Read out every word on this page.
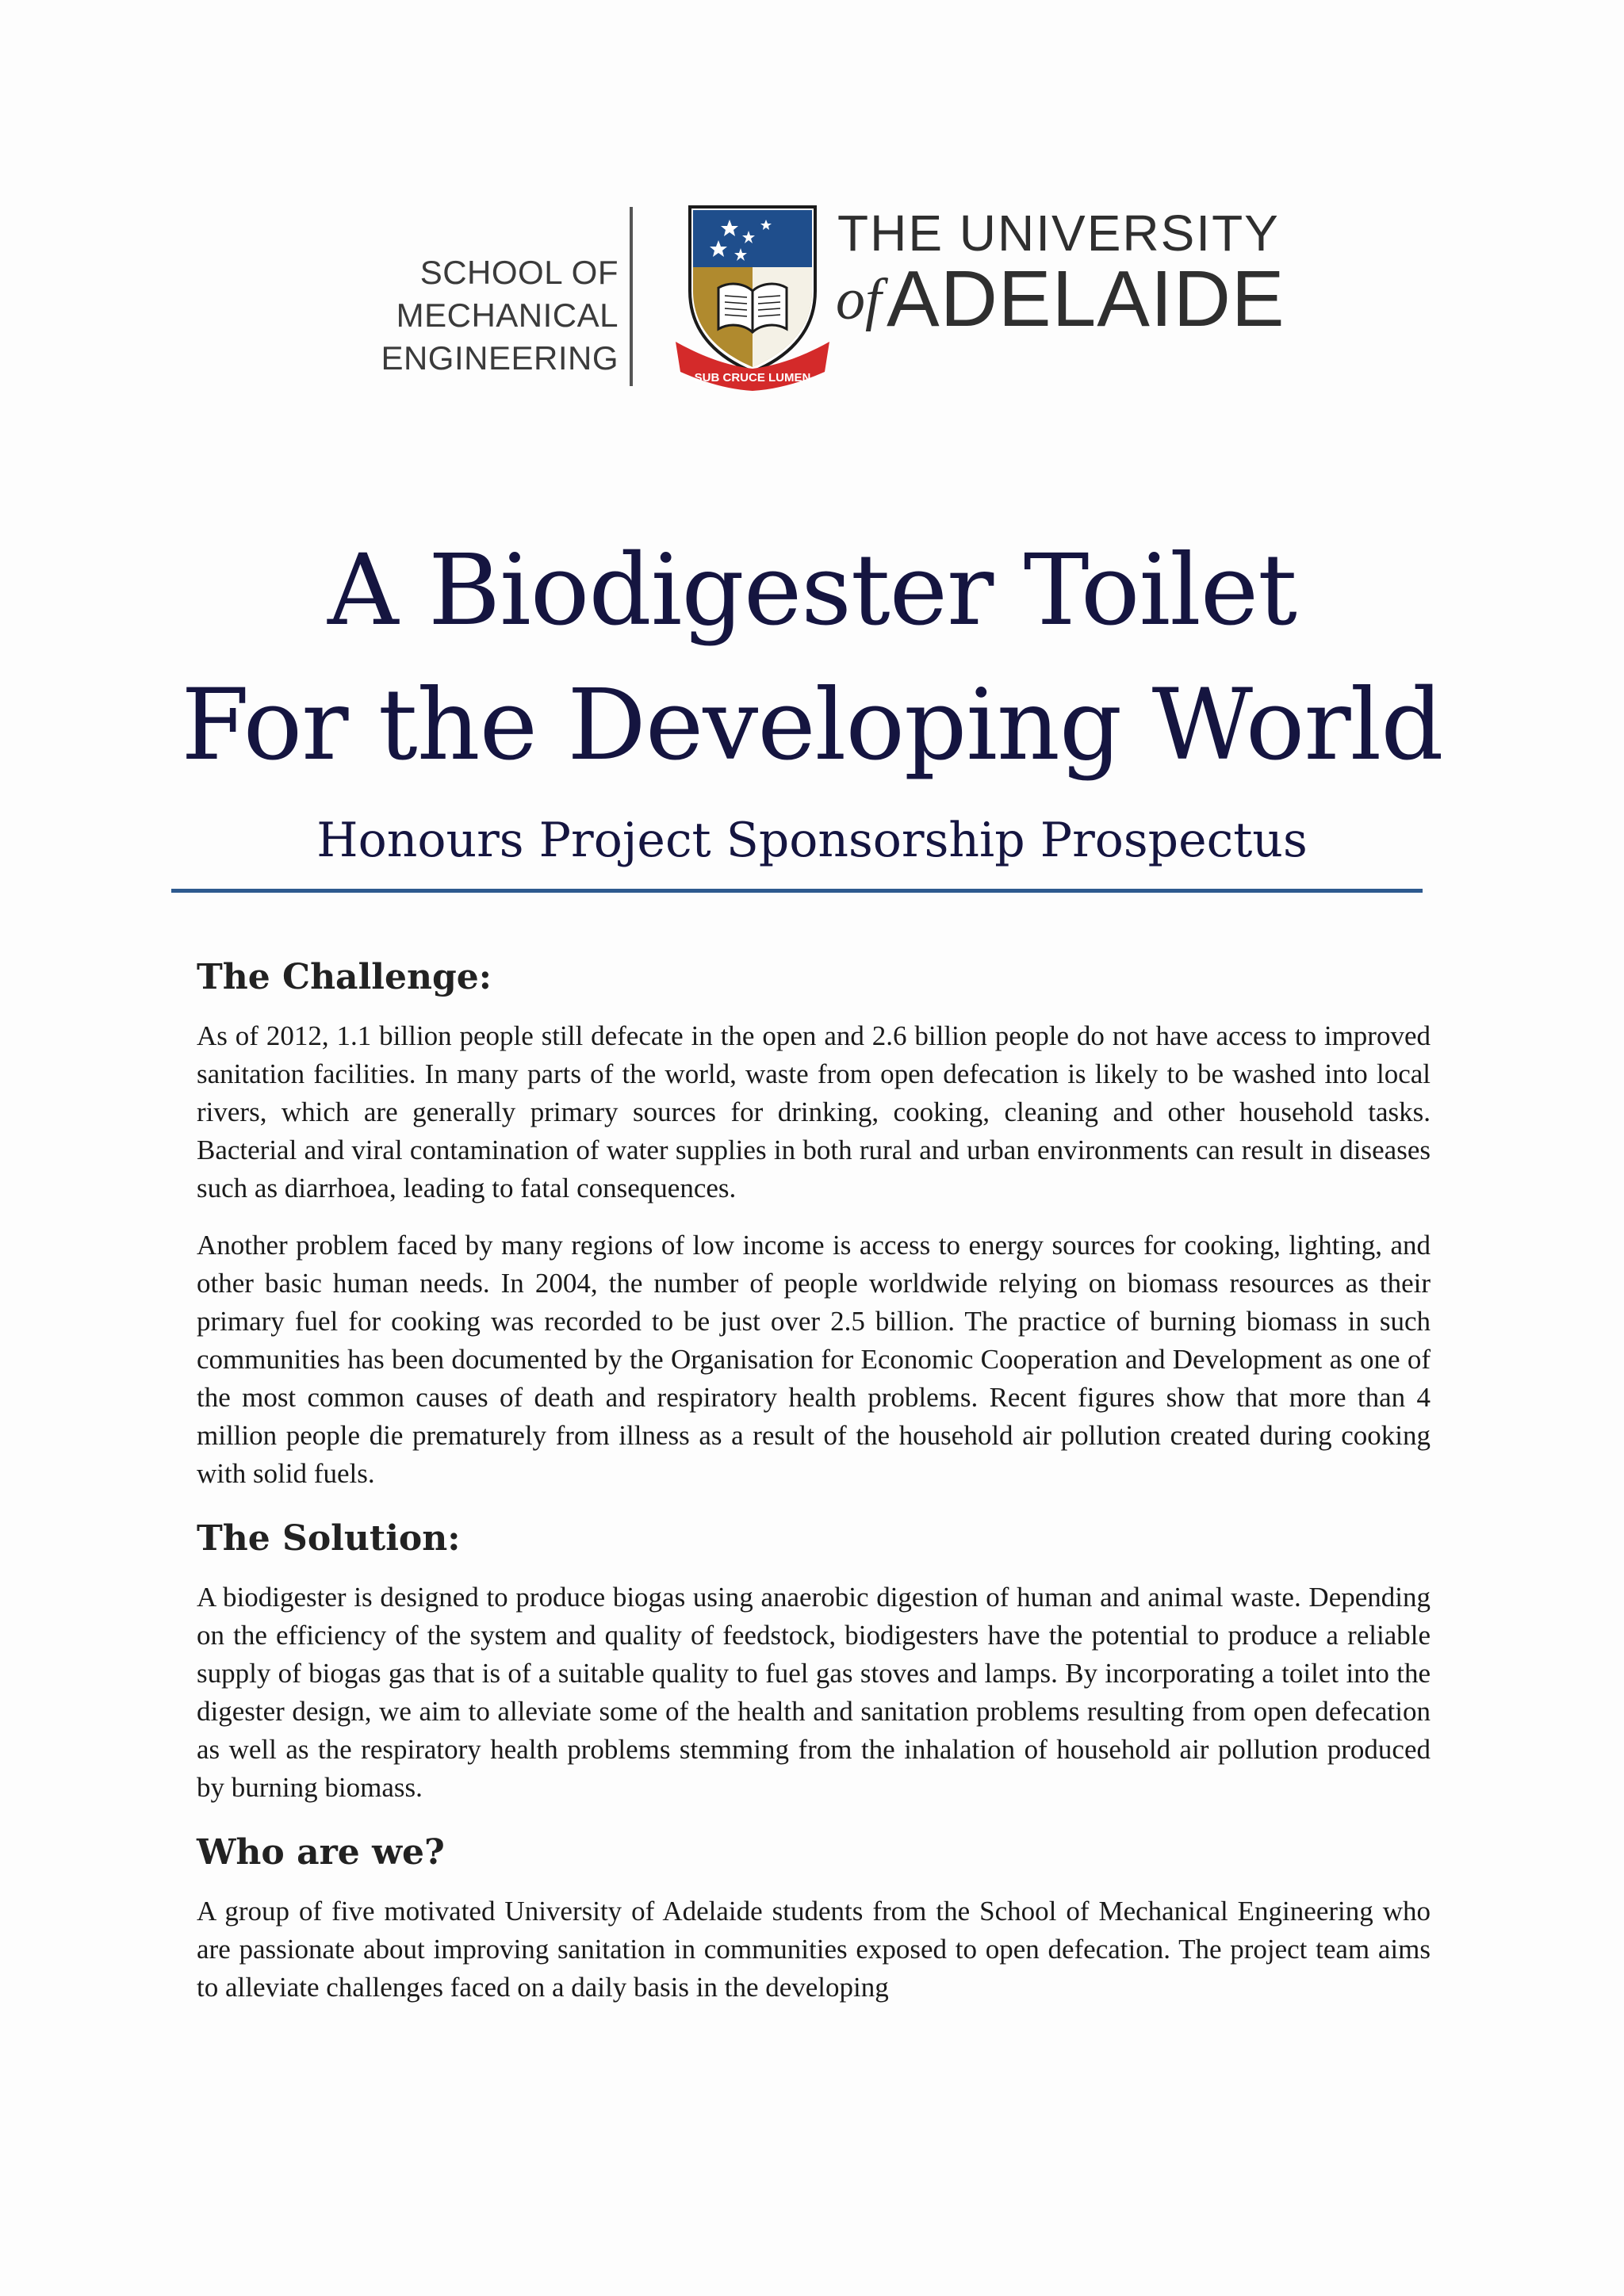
SCHOOL OF
MECHANICAL
ENGINEERING
SUB CRUCE LUMEN
THE UNIVERSITY
of ADELAIDE
A Biodigester Toilet
For the Developing World
Honours Project Sponsorship Prospectus
The Challenge:

As of 2012, 1.1 billion people still defecate in the open and 2.6 billion people do not have access to improved sanitation facilities. In many parts of the world, waste from open defecation is likely to be washed into local rivers, which are generally primary sources for drinking, cooking, cleaning and other household tasks. Bacterial and viral contamination of water supplies in both rural and urban environments can result in diseases such as diarrhoea, leading to fatal consequences.

Another problem faced by many regions of low income is access to energy sources for cooking, lighting, and other basic human needs. In 2004, the number of people worldwide relying on biomass resources as their primary fuel for cooking was recorded to be just over 2.5 billion. The practice of burning biomass in such communities has been documented by the Organisation for Economic Cooperation and Development as one of the most common causes of death and respiratory health problems. Recent figures show that more than 4 million people die prematurely from illness as a result of the household air pollution created during cooking with solid fuels.

The Solution:

A biodigester is designed to produce biogas using anaerobic digestion of human and animal waste. Depending on the efficiency of the system and quality of feedstock, biodigesters have the potential to produce a reliable supply of biogas gas that is of a suitable quality to fuel gas stoves and lamps. By incorporating a toilet into the digester design, we aim to alleviate some of the health and sanitation problems resulting from open defecation as well as the respiratory health problems stemming from the inhalation of household air pollution produced by burning biomass.

Who are we?

A group of five motivated University of Adelaide students from the School of Mechanical Engineering who are passionate about improving sanitation in communities exposed to open defecation. The project team aims to alleviate challenges faced on a daily basis in the developing
